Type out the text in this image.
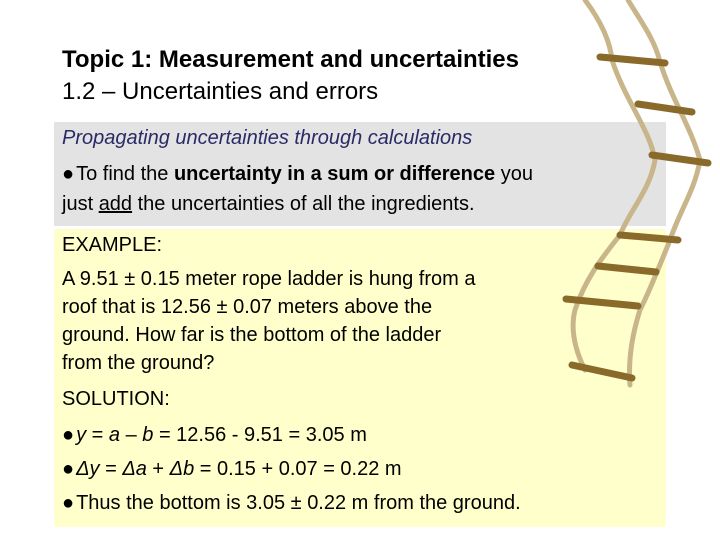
Topic 1: Measurement and uncertainties
1.2 – Uncertainties and errors
Propagating uncertainties through calculations
● To find the uncertainty in a sum or difference you
just add the uncertainties of all the ingredients.
EXAMPLE:
A 9.51 ± 0.15 meter rope ladder is hung from a
roof that is 12.56 ± 0.07 meters above the
ground. How far is the bottom of the ladder
from the ground?
SOLUTION:
● y = a – b = 12.56 - 9.51 = 3.05 m
● Δy = Δa + Δb = 0.15 + 0.07 = 0.22 m
● Thus the bottom is 3.05 ± 0.22 m from the ground.
